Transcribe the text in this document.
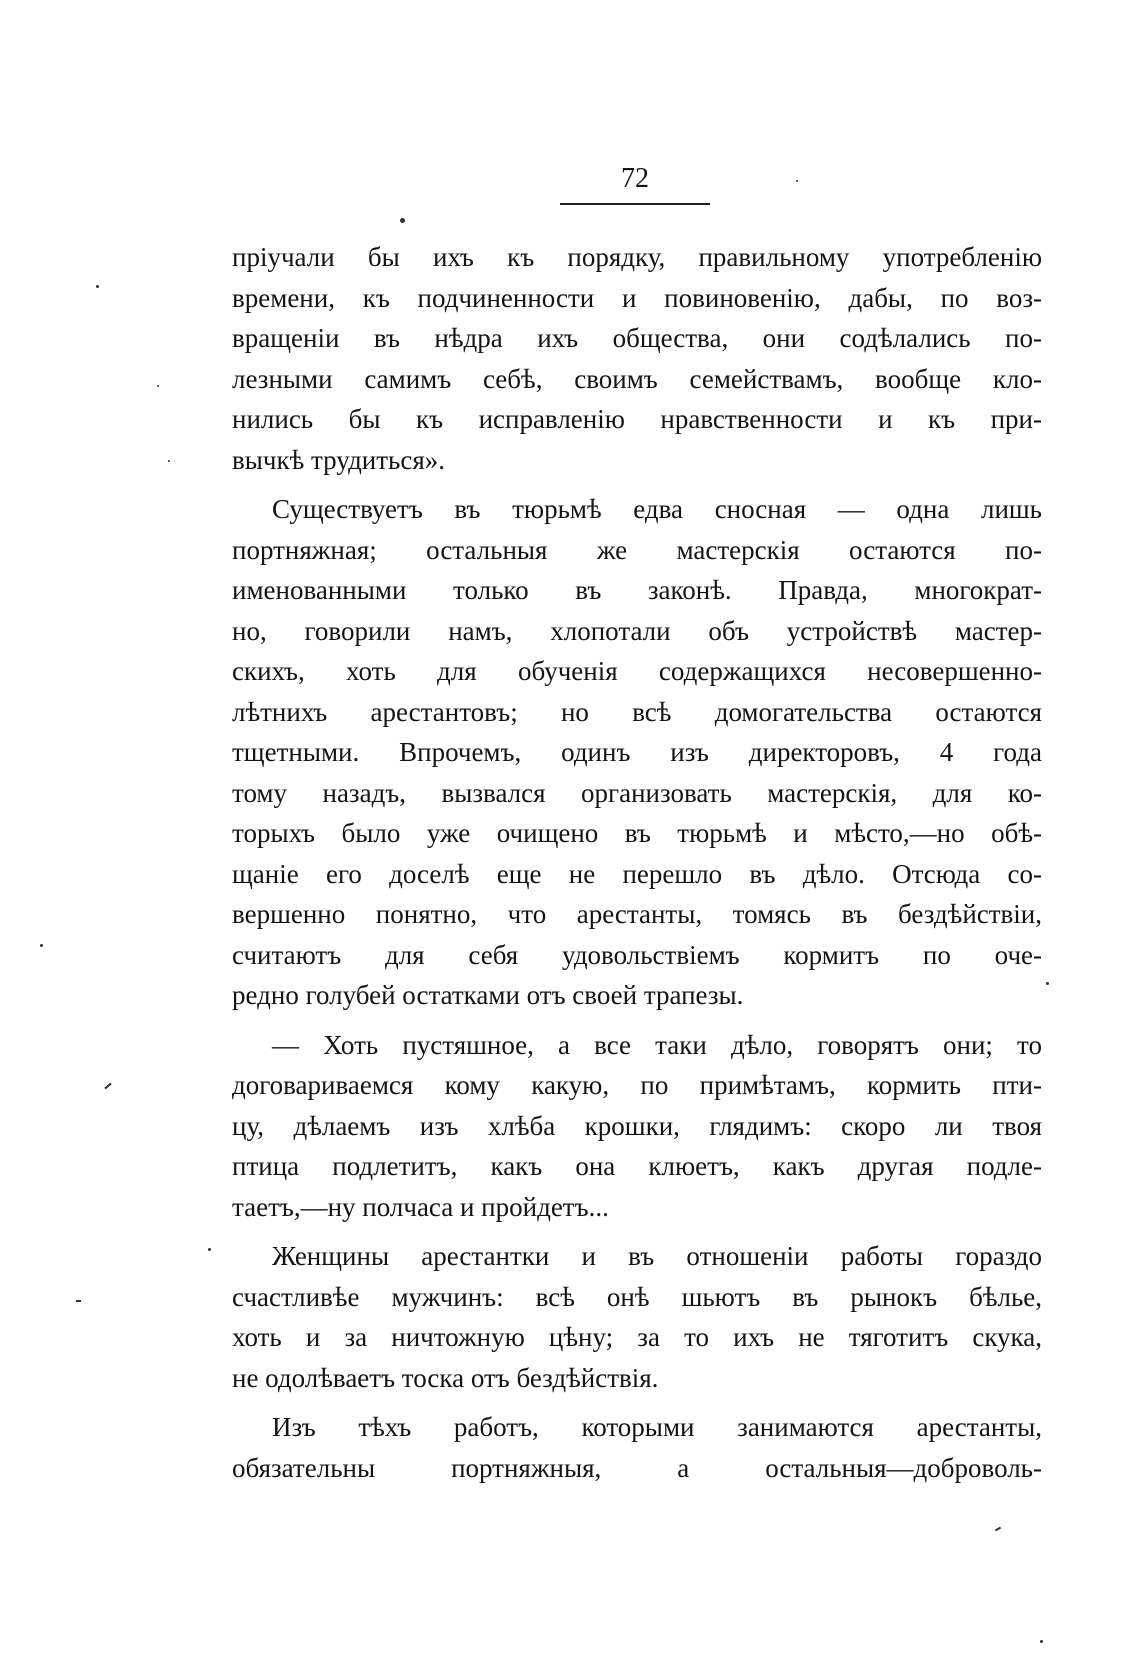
72
пріучали бы ихъ къ порядку, правильному употребленію
времени, къ подчиненности и повиновенію, дабы, по воз-
вращеніи въ нѣдра ихъ общества, они содѣлались по-
лезными самимъ себѣ, своимъ семействамъ, вообще кло-
нились бы къ исправленію нравственности и къ при-
вычкѣ трудиться».
Существуетъ въ тюрьмѣ едва сносная — одна лишь
портняжная; остальныя же мастерскія остаются по-
именованными только въ законѣ. Правда, многократ-
но, говорили намъ, хлопотали объ устройствѣ мастер-
скихъ, хоть для обученія содержащихся несовершенно-
лѣтнихъ арестантовъ; но всѣ домогательства остаются
тщетными. Впрочемъ, одинъ изъ директоровъ, 4 года
тому назадъ, вызвался организовать мастерскія, для ко-
торыхъ было уже очищено въ тюрьмѣ и мѣсто,—но обѣ-
щаніе его доселѣ еще не перешло въ дѣло. Отсюда со-
вершенно понятно, что арестанты, томясь въ бездѣйствіи,
считаютъ для себя удовольствіемъ кормитъ по оче-
редно голубей остатками отъ своей трапезы.
— Хоть пустяшное, а все таки дѣло, говорятъ они; то
договариваемся кому какую, по примѣтамъ, кормить пти-
цу, дѣлаемъ изъ хлѣба крошки, глядимъ: скоро ли твоя
птица подлетитъ, какъ она клюетъ, какъ другая подле-
таетъ,—ну полчаса и пройдетъ...
Женщины арестантки и въ отношеніи работы гораздо
счастливѣе мужчинъ: всѣ онѣ шьютъ въ рынокъ бѣлье,
хоть и за ничтожную цѣну; за то ихъ не тяготитъ скука,
не одолѣваетъ тоска отъ бездѣйствія.
Изъ тѣхъ работъ, которыми занимаются арестанты,
обязательны портняжныя, а остальныя—доброволь-
